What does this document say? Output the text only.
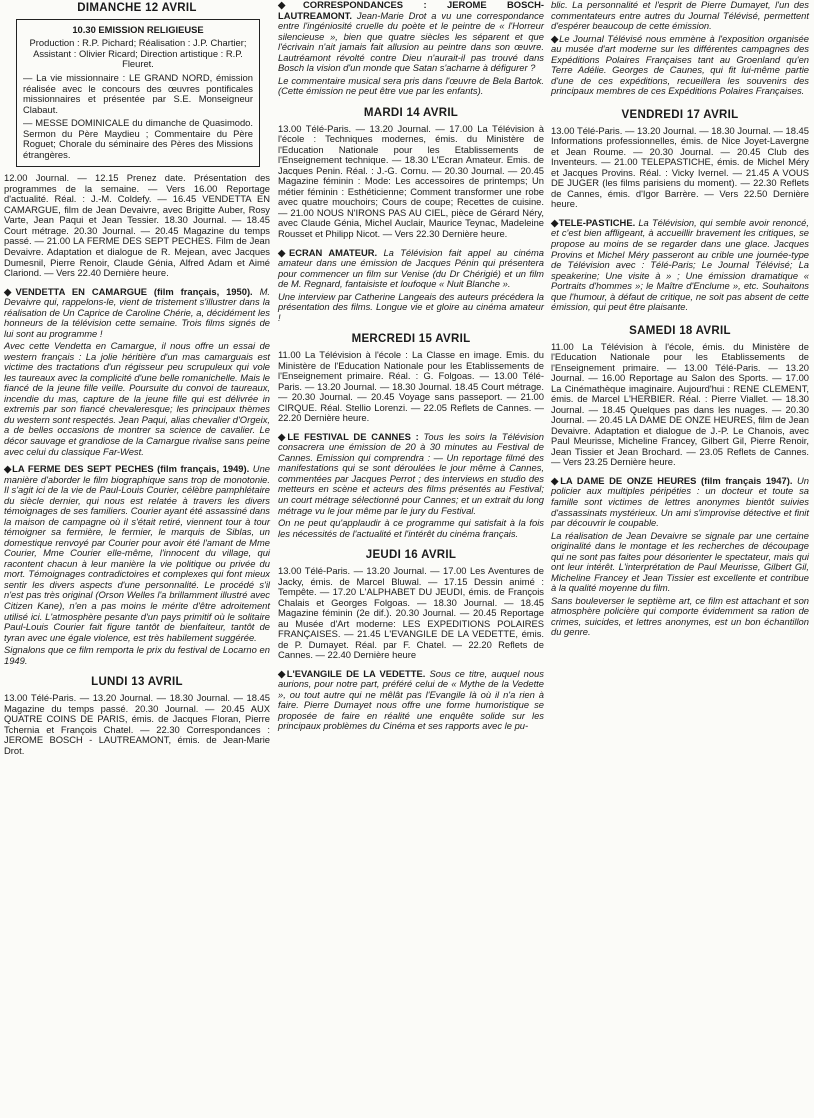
DIMANCHE 12 AVRIL

10.30 EMISSION RELIGIEUSE

Production : R.P. Pichard; Réalisation : J.P. Chartier; Assistant : Olivier Ricard; Direction artistique : R.P. Fleuret.

— La vie missionnaire : LE GRAND NORD, émission réalisée avec le concours des œuvres pontificales missionnaires et présentée par S.E. Monseigneur Clabaut.

— MESSE DOMINICALE du dimanche de Quasimodo. Sermon du Père Maydieu ; Commentaire du Père Roguet; Chorale du séminaire des Pères des Missions étrangères.

12.00 Journal. — 12.15 Prenez date. Présentation des programmes de la semaine. — Vers 16.00 Reportage d'actualité. Réal. : J.-M. Coldefy. — 16.45 VENDETTA EN CAMARGUE, film de Jean Devaivre, avec Brigitte Auber, Rosy Varte, Jean Paqui et Jean Tessier. 18.30 Journal. — 18.45 Court métrage. 20.30 Journal. — 20.45 Magazine du temps passé. — 21.00 LA FERME DES SEPT PECHES. Film de Jean Devaivre. Adaptation et dialogue de R. Mejean, avec Jacques Dumesnil, Pierre Renoir, Claude Génia, Alfred Adam et Aimé Clariond. — Vers 22.40 Dernière heure.

◆ VENDETTA EN CAMARGUE (film français, 1950). M. Devaivre qui, rappelons-le, vient de tristement s'illustrer dans la réalisation de Un Caprice de Caroline Chérie, a, décidément les honneurs de la télévision cette semaine. Trois films signés de lui sont au programme !

Avec cette Vendetta en Camargue, il nous offre un essai de western français : La jolie héritière d'un mas camarguais est victime des tractations d'un régisseur peu scrupuleux qui vole les taureaux avec la complicité d'une belle romanichelle. Mais le fiancé de la jeune fille veille. Poursuite du convoi de taureaux, incendie du mas, capture de la jeune fille qui est délivrée in extremis par son fiancé chevaleresque; les principaux thèmes du western sont respectés. Jean Paqui, alias chevalier d'Orgeix, a de belles occasions de montrer sa science de cavalier. Le décor sauvage et grandiose de la Camargue rivalise sans peine avec celui du classique Far-West.

◆ LA FERME DES SEPT PECHES (film français, 1949). Une manière d'aborder le film biographique sans trop de monotonie. Il s'agit ici de la vie de Paul-Louis Courier, célèbre pamphlétaire du siècle dernier, qui nous est relatée à travers les divers témoignages de ses familiers. Courier ayant été assassiné dans la maison de campagne où il s'était retiré, viennent tour à tour témoigner sa fermière, le fermier, le marquis de Siblas, un domestique renvoyé par Courier pour avoir été l'amant de Mme Courier, Mme Courier elle-même, l'innocent du village, qui racontent chacun à leur manière la vie politique ou privée du mort. Témoignages contradictoires et complexes qui font mieux sentir les divers aspects d'une personnalité. Le procédé s'il n'est pas très original (Orson Welles l'a brillamment illustré avec Citizen Kane), n'en a pas moins le mérite d'être adroitement utilisé ici. L'atmosphère pesante d'un pays primitif où le solitaire Paul-Louis Courier fait figure tantôt de bienfaiteur, tantôt de tyran avec une égale violence, est très habilement suggérée.

Signalons que ce film remporta le prix du festival de Locarno en 1949.

LUNDI 13 AVRIL

13.00 Télé-Paris. — 13.20 Journal. — 18.30 Journal. — 18.45 Magazine du temps passé. 20.30 Journal. — 20.45 AUX QUATRE COINS DE PARIS, émis. de Jacques Floran, Pierre Tchernia et François Chatel. — 22.30 Correspondances : JEROME BOSCH - LAUTREAMONT, émis. de Jean-Marie Drot.

◆ CORRESPONDANCES : JEROME BOSCH-LAUTREAMONT. Jean-Marie Drot a vu une correspondance entre l'ingéniosité cruelle du poète et le peintre de « l'Horreur silencieuse », bien que quatre siècles les séparent et que l'écrivain n'ait jamais fait allusion au peintre dans son œuvre. Lautréamont révolté contre Dieu n'aurait-il pas trouvé dans Bosch la vision d'un monde que Satan s'acharne à défigurer ?

Le commentaire musical sera pris dans l'œuvre de Bela Bartok. (Cette émission ne peut être vue par les enfants).

MARDI 14 AVRIL

13.00 Télé-Paris. — 13.20 Journal. — 17.00 La Télévision à l'école : Techniques modernes, émis. du Ministère de l'Education Nationale pour les Etablissements de l'Enseignement technique. — 18.30 L'Ecran Amateur. Emis. de Jacques Penin. Réal. : J.-G. Cornu. — 20.30 Journal. — 20.45 Magazine féminin : Mode: Les accessoires de printemps; Un métier féminin : Esthéticienne; Comment transformer une robe avec quatre mouchoirs; Cours de coupe; Recettes de cuisine. — 21.00 NOUS N'IRONS PAS AU CIEL, pièce de Gérard Néry, avec Claude Génia, Michel Auclair, Maurice Teynac, Madeleine Rousset et Philipp Nicot. — Vers 22.30 Dernière heure.

◆ ECRAN AMATEUR. La Télévision fait appel au cinéma amateur dans une émission de Jacques Pénin qui présentera pour commencer un film sur Venise (du Dr Chérigié) et un film de M. Regnard, fantaisiste et loufoque « Nuit Blanche ».

Une interview par Catherine Langeais des auteurs précédera la présentation des films. Longue vie et gloire au cinéma amateur !

MERCREDI 15 AVRIL

11.00 La Télévision à l'école : La Classe en image. Emis. du Ministère de l'Education Nationale pour les Etablissements de l'Enseignement primaire. Réal. : G. Folgoas. — 13.00 Télé-Paris. — 13.20 Journal. — 18.30 Journal. 18.45 Court métrage. — 20.30 Journal. — 20.45 Voyage sans passeport. — 21.00 CIRQUE. Réal. Stellio Lorenzi. — 22.05 Reflets de Cannes. — 22.20 Dernière heure.

◆ LE FESTIVAL DE CANNES : Tous les soirs la Télévision consacrera une émission de 20 à 30 minutes au Festival de Cannes. Emission qui comprendra : — Un reportage filmé des manifestations qui se sont déroulées le jour même à Cannes, commentées par Jacques Perrot ; des interviews en studio des metteurs en scène et acteurs des films présentés au Festival; un court métrage sélectionné pour Cannes; et un extrait du long métrage vu le jour même par le jury du Festival.

On ne peut qu'applaudir à ce programme qui satisfait à la fois les nécessités de l'actualité et l'intérêt du cinéma français.

JEUDI 16 AVRIL

13.00 Télé-Paris. — 13.20 Journal. — 17.00 Les Aventures de Jacky, émis. de Marcel Bluwal. — 17.15 Dessin animé : Tempête. — 17.20 L'ALPHABET DU JEUDI, émis. de François Chalais et Georges Folgoas. — 18.30 Journal. — 18.45 Magazine féminin (2e dif.). 20.30 Journal. — 20.45 Reportage au Musée d'Art moderne: LES EXPEDITIONS POLAIRES FRANÇAISES. — 21.45 L'EVANGILE DE LA VEDETTE, émis. de P. Dumayet. Réal. par F. Chatel. — 22.20 Reflets de Cannes. — 22.40 Dernière heure

◆ L'EVANGILE DE LA VEDETTE. Sous ce titre, auquel nous aurions, pour notre part, préféré celui de « Mythe de la Vedette », ou tout autre qui ne mêlât pas l'Evangile là où il n'a rien à faire. Pierre Dumayet nous offre une forme humoristique se proposée de faire en réalité une enquête solide sur les principaux problèmes du Cinéma et ses rapports avec le pu-

blic. La personnalité et l'esprit de Pierre Dumayet, l'un des commentateurs entre autres du Journal Télévisé, permettent d'espérer beaucoup de cette émission.

◆ Le Journal Télévisé nous emmène à l'exposition organisée au musée d'art moderne sur les différentes campagnes des Expéditions Polaires Françaises tant au Groenland qu'en Terre Adélie. Georges de Caunes, qui fit lui-même partie d'une de ces expéditions, recueillera les souvenirs des principaux membres de ces Expéditions Polaires Françaises.

VENDREDI 17 AVRIL

13.00 Télé-Paris. — 13.20 Journal. — 18.30 Journal. — 18.45 Informations professionnelles, émis. de Nice Joyet-Lavergne et Jean Roume. — 20.30 Journal. — 20.45 Club des Inventeurs. — 21.00 TELEPASTICHE, émis. de Michel Méry et Jacques Provins. Réal. : Vicky Ivernel. — 21.45 A VOUS DE JUGER (les films parisiens du moment). — 22.30 Reflets de Cannes, émis. d'Igor Barrère. — Vers 22.50 Dernière heure.

◆ TELE-PASTICHE. La Télévision, qui semble avoir renoncé, et c'est bien affligeant, à accueillir bravement les critiques, se propose au moins de se regarder dans une glace. Jacques Provins et Michel Méry passeront au crible une journée-type de Télévision avec : Télé-Paris; Le Journal Télévisé; La speakerine; Une visite à » ; Une émission dramatique « Portraits d'hommes »; le Maître d'Enclume », etc. Souhaitons que l'humour, à défaut de critique, ne soit pas absent de cette émission, qui peut être plaisante.

SAMEDI 18 AVRIL

11.00 La Télévision à l'école, émis. du Ministère de l'Education Nationale pour les Etablissements de l'Enseignement primaire. — 13.00 Télé-Paris. — 13.20 Journal. — 16.00 Reportage au Salon des Sports. — 17.00 La Cinémathèque imaginaire. Aujourd'hui : RENE CLEMENT, émis. de Marcel L'HERBIER. Réal. : Pierre Viallet. — 18.30 Journal. — 18.45 Quelques pas dans les nuages. — 20.30 Journal. — 20.45 LA DAME DE ONZE HEURES, film de Jean Devaivre. Adaptation et dialogue de J.-P. Le Chanois, avec Paul Meurisse, Micheline Francey, Gilbert Gil, Pierre Renoir, Jean Tissier et Jean Brochard. — 23.05 Reflets de Cannes. — Vers 23.25 Dernière heure.

◆ LA DAME DE ONZE HEURES (film français 1947). Un policier aux multiples péripéties : un docteur et toute sa famille sont victimes de lettres anonymes bientôt suivies d'assassinats mystérieux. Un ami s'improvise détective et finit par découvrir le coupable.

La réalisation de Jean Devaivre se signale par une certaine originalité dans le montage et les recherches de découpage qui ne sont pas faites pour désorienter le spectateur, mais qui ont leur intérêt. L'interprétation de Paul Meurisse, Gilbert Gil, Micheline Francey et Jean Tissier est excellente et contribue à la qualité moyenne du film.

Sans bouleverser le septième art, ce film est attachant et son atmosphère policière qui comporte évidemment sa ration de crimes, suicides, et lettres anonymes, est un bon échantillon du genre.
